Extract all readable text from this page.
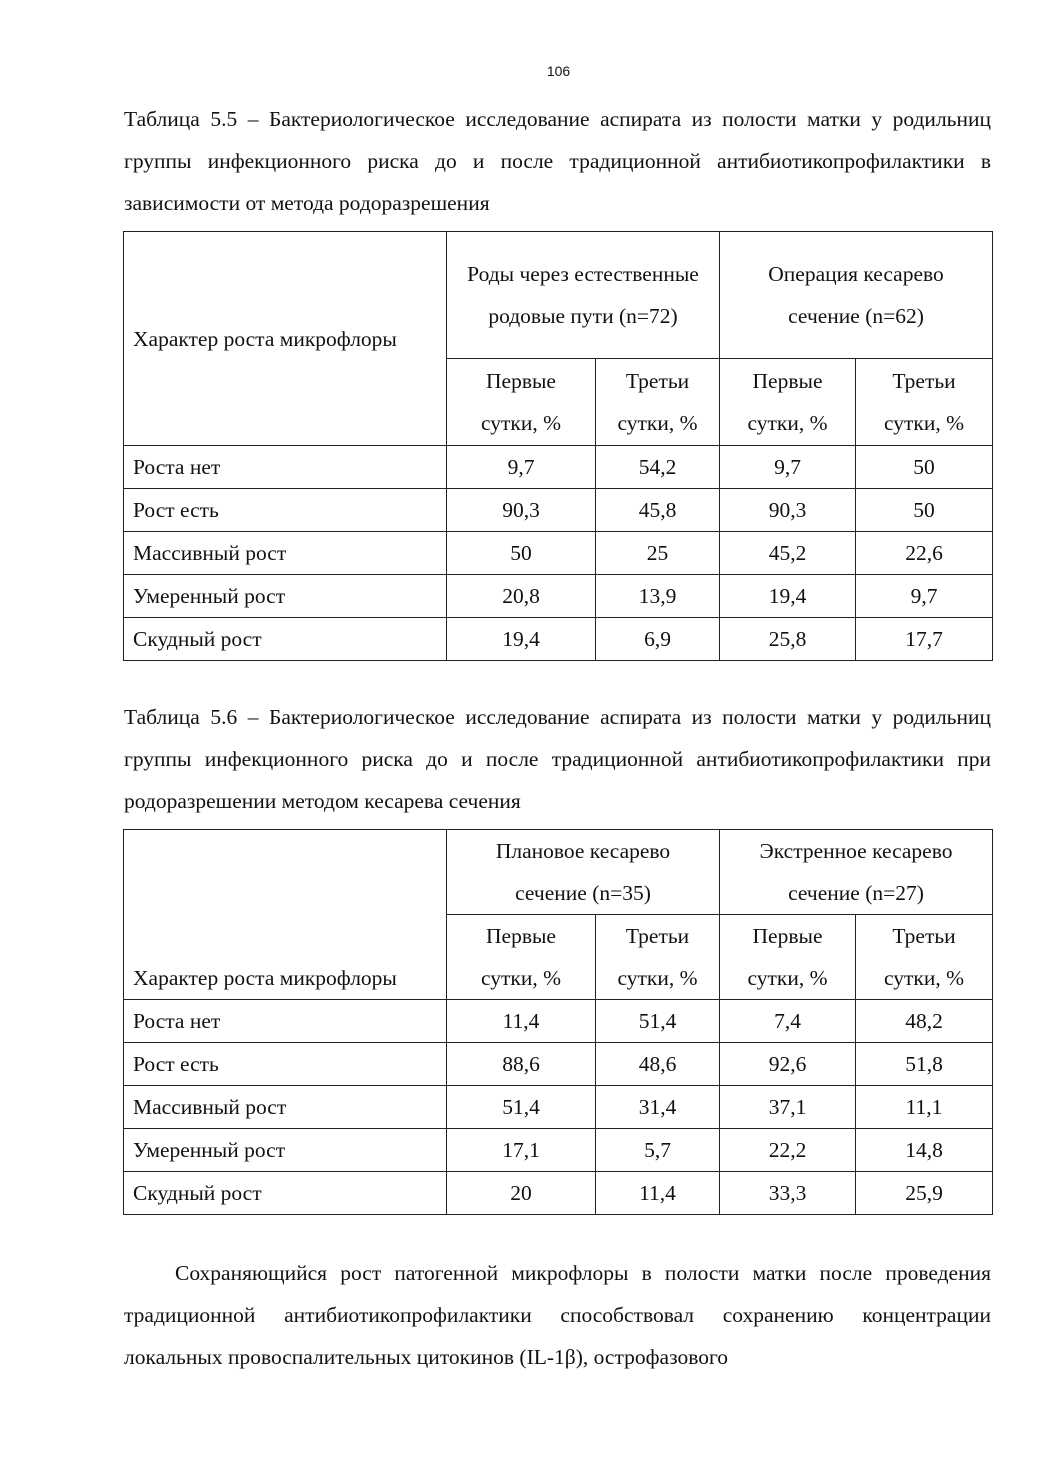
106
Таблица 5.5 – Бактериологическое исследование аспирата из полости матки у родильниц группы инфекционного риска до и после традиционной антибиотикопрофилактики в зависимости от метода родоразрешения
Характер роста микрофлоры	Роды через естественные родовые пути (n=72)		Операция кесарево сечение (n=62)	
	Первые сутки, %	Третьи сутки, %	Первые сутки, %	Третьи сутки, %
Роста нет	9,7	54,2	9,7	50
Рост есть	90,3	45,8	90,3	50
Массивный рост	50	25	45,2	22,6
Умеренный рост	20,8	13,9	19,4	9,7
Скудный рост	19,4	6,9	25,8	17,7
Таблица 5.6 – Бактериологическое исследование аспирата из полости матки у родильниц группы инфекционного риска до и после традиционной антибиотикопрофилактики при родоразрешении методом кесарева сечения
Характер роста микрофлоры	Плановое кесарево сечение (n=35)		Экстренное кесарево сечение (n=27)	
	Первые сутки, %	Третьи сутки, %	Первые сутки, %	Третьи сутки, %
Роста нет	11,4	51,4	7,4	48,2
Рост есть	88,6	48,6	92,6	51,8
Массивный рост	51,4	31,4	37,1	11,1
Умеренный рост	17,1	5,7	22,2	14,8
Скудный рост	20	11,4	33,3	25,9
Сохраняющийся рост патогенной микрофлоры в полости матки после проведения традиционной антибиотикопрофилактики способствовал сохранению концентрации локальных провоспалительных цитокинов (IL-1β), острофазового
